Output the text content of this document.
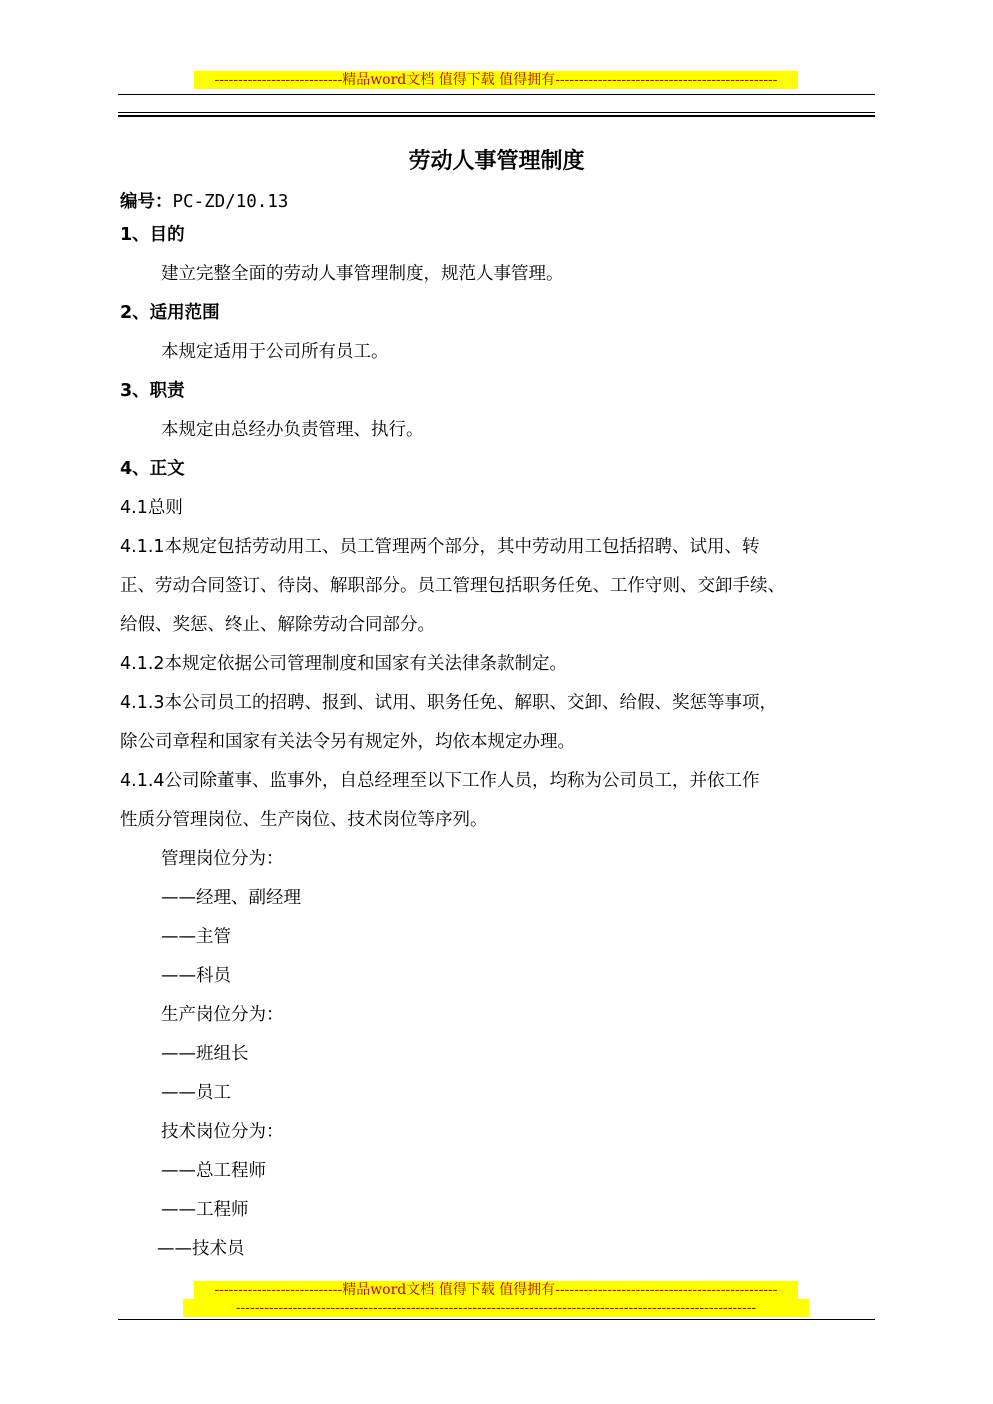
---------------------------精品word文档 值得下载 值得拥有-----------------------------------------------
劳动人事管理制度
编号：PC-ZD/10.13
1、目的
建立完整全面的劳动人事管理制度，规范人事管理。
2、适用范围
本规定适用于公司所有员工。
3、职责
本规定由总经办负责管理、执行。
4、正文
4.1总则
4.1.1本规定包括劳动用工、员工管理两个部分，其中劳动用工包括招聘、试用、转
正、劳动合同签订、待岗、解职部分。员工管理包括职务任免、工作守则、交卸手续、
给假、奖惩、终止、解除劳动合同部分。
4.1.2本规定依据公司管理制度和国家有关法律条款制定。
4.1.3本公司员工的招聘、报到、试用、职务任免、解职、交卸、给假、奖惩等事项，
除公司章程和国家有关法令另有规定外，均依本规定办理。
4.1.4公司除董事、监事外，自总经理至以下工作人员，均称为公司员工，并依工作
性质分管理岗位、生产岗位、技术岗位等序列。
管理岗位分为：
——经理、副经理
——主管
——科员
生产岗位分为：
——班组长
——员工
技术岗位分为：
——总工程师
——工程师
——技术员
---------------------------精品word文档 值得下载 值得拥有-----------------------------------------------
--------------------------------------------------------------------------------------------------------------
